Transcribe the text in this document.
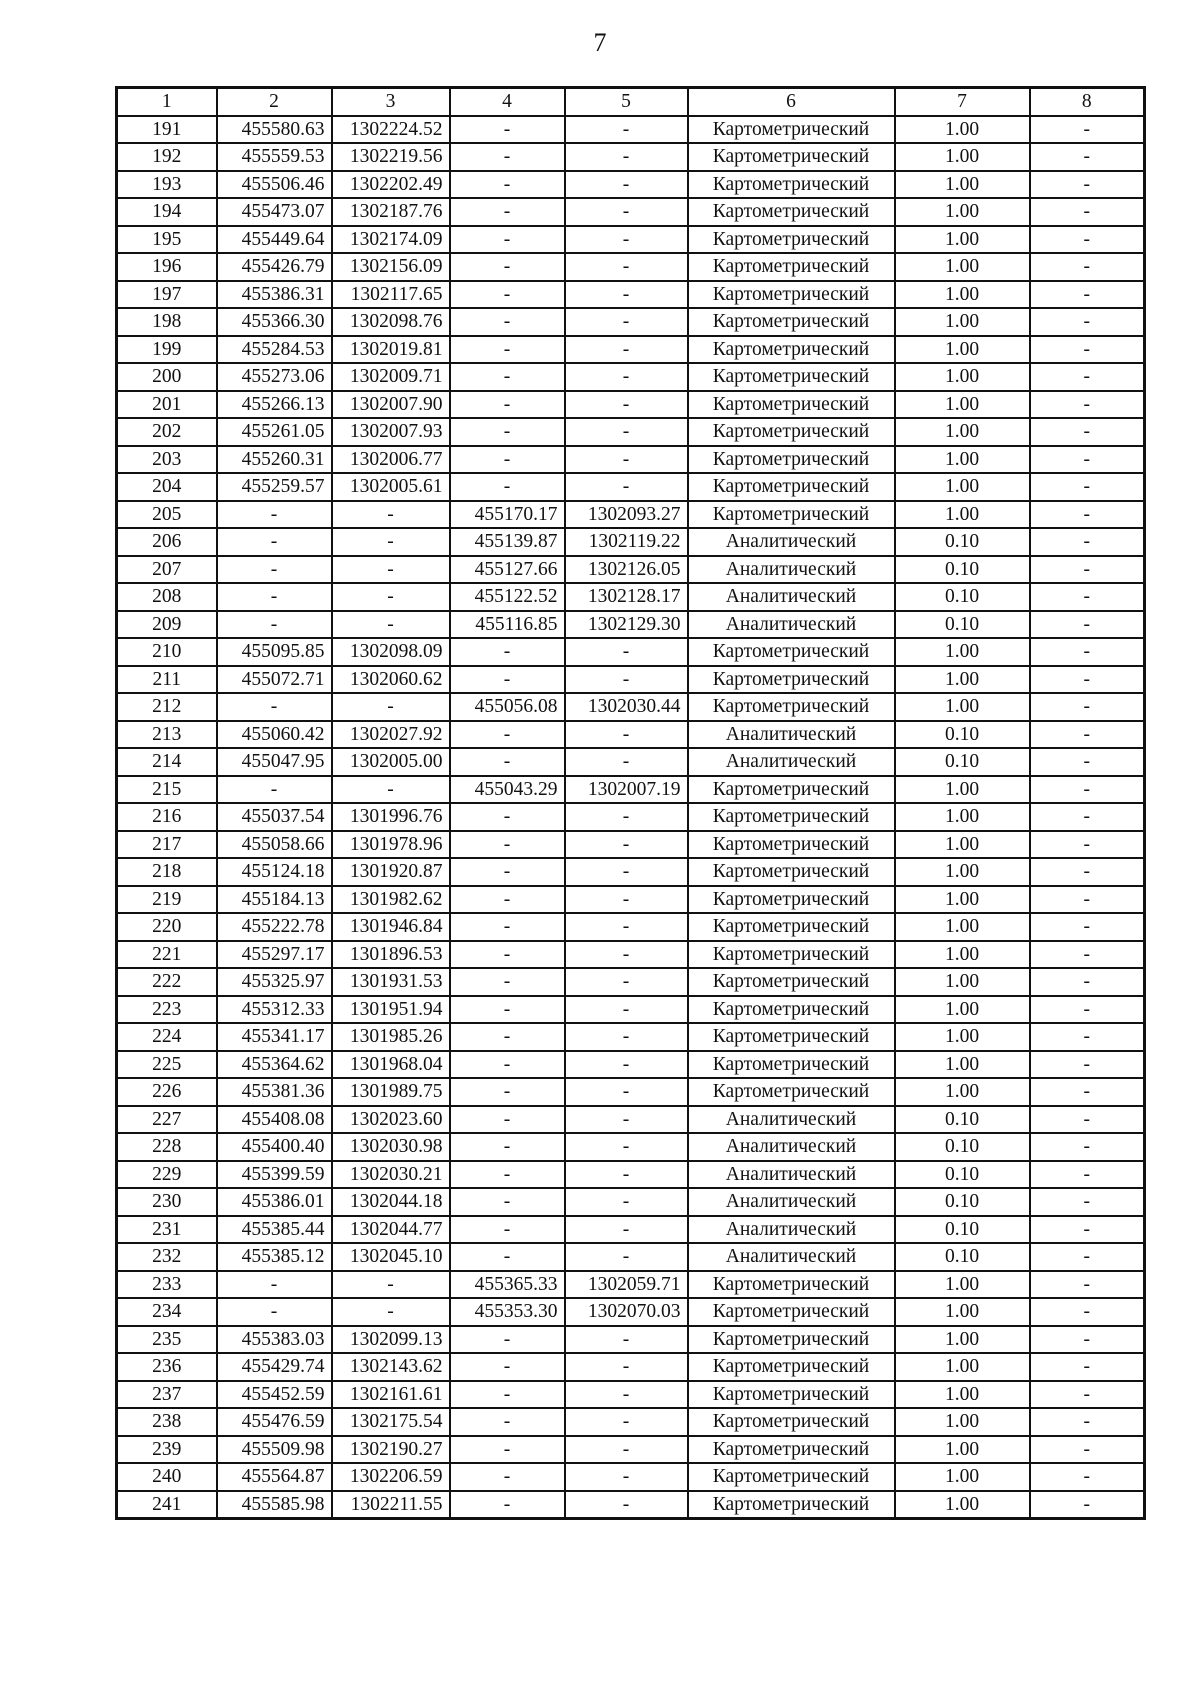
7
1	2	3	4	5	6	7	8
191	455580.63	1302224.52	-	-	Картометрический	1.00	-
192	455559.53	1302219.56	-	-	Картометрический	1.00	-
193	455506.46	1302202.49	-	-	Картометрический	1.00	-
194	455473.07	1302187.76	-	-	Картометрический	1.00	-
195	455449.64	1302174.09	-	-	Картометрический	1.00	-
196	455426.79	1302156.09	-	-	Картометрический	1.00	-
197	455386.31	1302117.65	-	-	Картометрический	1.00	-
198	455366.30	1302098.76	-	-	Картометрический	1.00	-
199	455284.53	1302019.81	-	-	Картометрический	1.00	-
200	455273.06	1302009.71	-	-	Картометрический	1.00	-
201	455266.13	1302007.90	-	-	Картометрический	1.00	-
202	455261.05	1302007.93	-	-	Картометрический	1.00	-
203	455260.31	1302006.77	-	-	Картометрический	1.00	-
204	455259.57	1302005.61	-	-	Картометрический	1.00	-
205	-	-	455170.17	1302093.27	Картометрический	1.00	-
206	-	-	455139.87	1302119.22	Аналитический	0.10	-
207	-	-	455127.66	1302126.05	Аналитический	0.10	-
208	-	-	455122.52	1302128.17	Аналитический	0.10	-
209	-	-	455116.85	1302129.30	Аналитический	0.10	-
210	455095.85	1302098.09	-	-	Картометрический	1.00	-
211	455072.71	1302060.62	-	-	Картометрический	1.00	-
212	-	-	455056.08	1302030.44	Картометрический	1.00	-
213	455060.42	1302027.92	-	-	Аналитический	0.10	-
214	455047.95	1302005.00	-	-	Аналитический	0.10	-
215	-	-	455043.29	1302007.19	Картометрический	1.00	-
216	455037.54	1301996.76	-	-	Картометрический	1.00	-
217	455058.66	1301978.96	-	-	Картометрический	1.00	-
218	455124.18	1301920.87	-	-	Картометрический	1.00	-
219	455184.13	1301982.62	-	-	Картометрический	1.00	-
220	455222.78	1301946.84	-	-	Картометрический	1.00	-
221	455297.17	1301896.53	-	-	Картометрический	1.00	-
222	455325.97	1301931.53	-	-	Картометрический	1.00	-
223	455312.33	1301951.94	-	-	Картометрический	1.00	-
224	455341.17	1301985.26	-	-	Картометрический	1.00	-
225	455364.62	1301968.04	-	-	Картометрический	1.00	-
226	455381.36	1301989.75	-	-	Картометрический	1.00	-
227	455408.08	1302023.60	-	-	Аналитический	0.10	-
228	455400.40	1302030.98	-	-	Аналитический	0.10	-
229	455399.59	1302030.21	-	-	Аналитический	0.10	-
230	455386.01	1302044.18	-	-	Аналитический	0.10	-
231	455385.44	1302044.77	-	-	Аналитический	0.10	-
232	455385.12	1302045.10	-	-	Аналитический	0.10	-
233	-	-	455365.33	1302059.71	Картометрический	1.00	-
234	-	-	455353.30	1302070.03	Картометрический	1.00	-
235	455383.03	1302099.13	-	-	Картометрический	1.00	-
236	455429.74	1302143.62	-	-	Картометрический	1.00	-
237	455452.59	1302161.61	-	-	Картометрический	1.00	-
238	455476.59	1302175.54	-	-	Картометрический	1.00	-
239	455509.98	1302190.27	-	-	Картометрический	1.00	-
240	455564.87	1302206.59	-	-	Картометрический	1.00	-
241	455585.98	1302211.55	-	-	Картометрический	1.00	-
